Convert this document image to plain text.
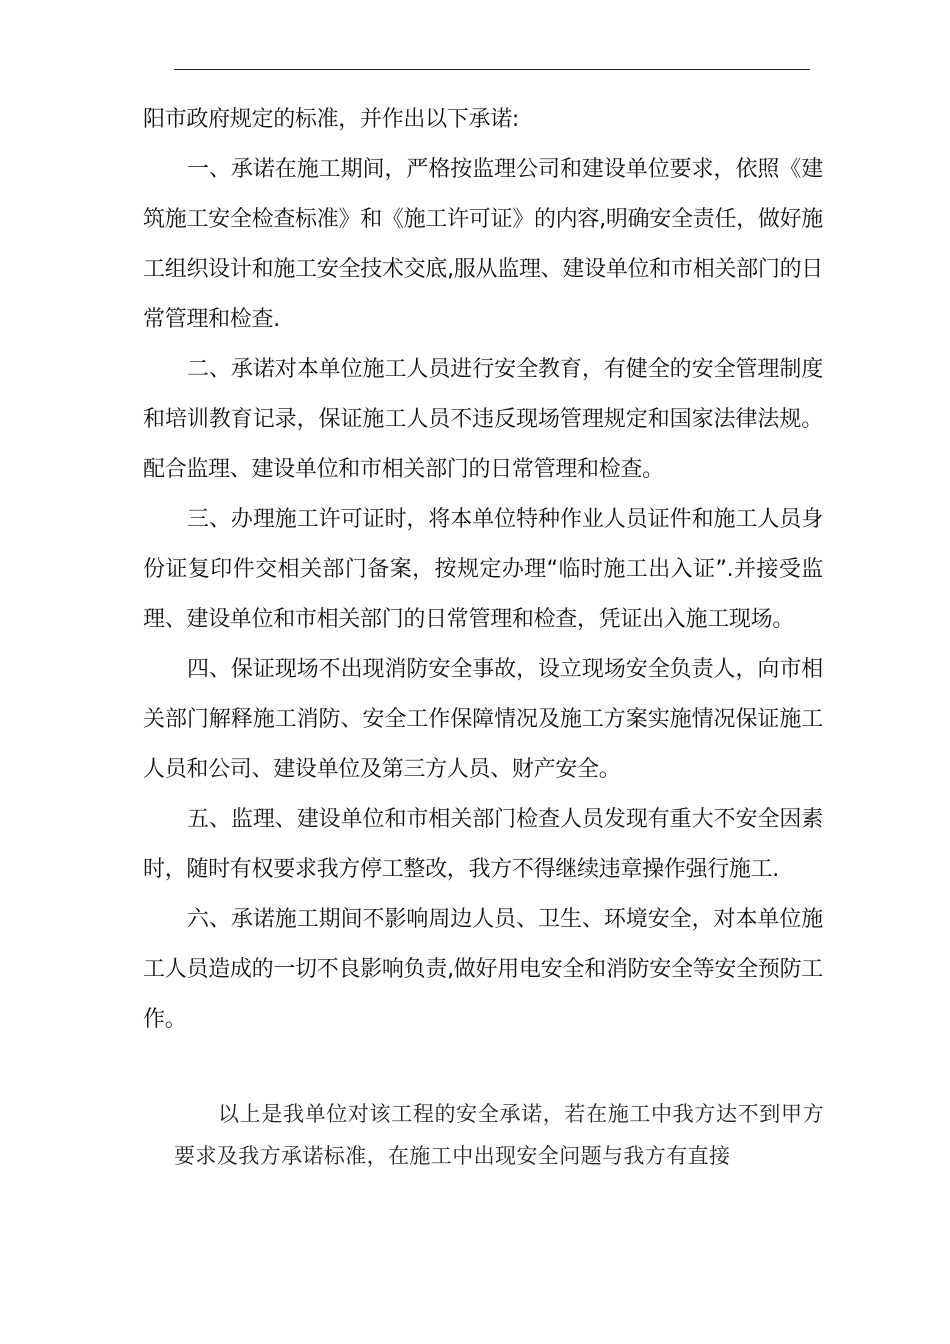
阳市政府规定的标准，并作出以下承诺:

一、承诺在施工期间，严格按监理公司和建设单位要求，依照《建筑施工安全检查标准》和《施工许可证》的内容,明确安全责任，做好施工组织设计和施工安全技术交底,服从监理、建设单位和市相关部门的日常管理和检查.

二、承诺对本单位施工人员进行安全教育，有健全的安全管理制度和培训教育记录，保证施工人员不违反现场管理规定和国家法律法规。配合监理、建设单位和市相关部门的日常管理和检查。

三、办理施工许可证时，将本单位特种作业人员证件和施工人员身份证复印件交相关部门备案，按规定办理“临时施工出入证”.并接受监理、建设单位和市相关部门的日常管理和检查，凭证出入施工现场。

四、保证现场不出现消防安全事故，设立现场安全负责人，向市相关部门解释施工消防、安全工作保障情况及施工方案实施情况保证施工人员和公司、建设单位及第三方人员、财产安全。

五、监理、建设单位和市相关部门检查人员发现有重大不安全因素时，随时有权要求我方停工整改，我方不得继续违章操作强行施工.

六、承诺施工期间不影响周边人员、卫生、环境安全，对本单位施工人员造成的一切不良影响负责,做好用电安全和消防安全等安全预防工作。

以上是我单位对该工程的安全承诺，若在施工中我方达不到甲方要求及我方承诺标准，在施工中出现安全问题与我方有直接
